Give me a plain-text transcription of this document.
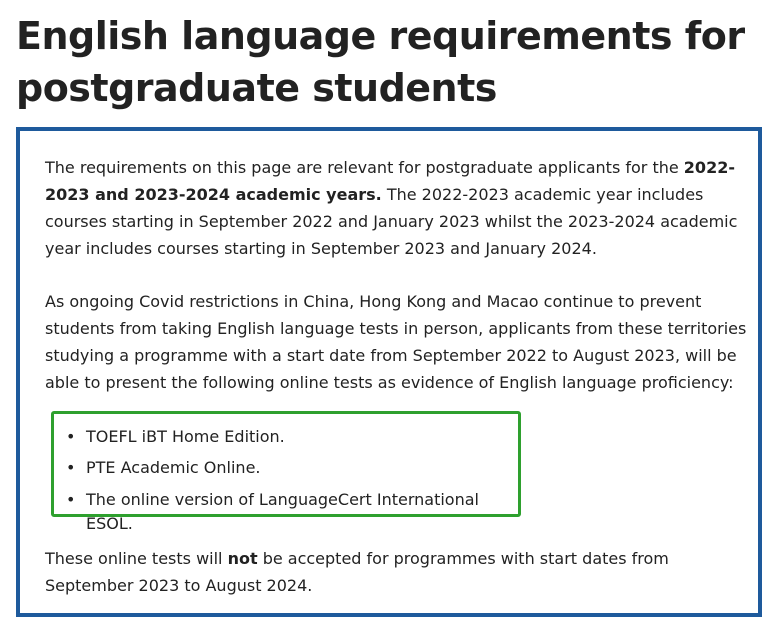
English language requirements for postgraduate students

The requirements on this page are relevant for postgraduate applicants for the 2022-2023 and 2023-2024 academic years. The 2022-2023 academic year includes courses starting in September 2022 and January 2023 whilst the 2023-2024 academic year includes courses starting in September 2023 and January 2024.

As ongoing Covid restrictions in China, Hong Kong and Macao continue to prevent students from taking English language tests in person, applicants from these territories studying a programme with a start date from September 2022 to August 2023, will be able to present the following online tests as evidence of English language proficiency:

• TOEFL iBT Home Edition.
• PTE Academic Online.
• The online version of LanguageCert International ESOL.

These online tests will not be accepted for programmes with start dates from September 2023 to August 2024.
